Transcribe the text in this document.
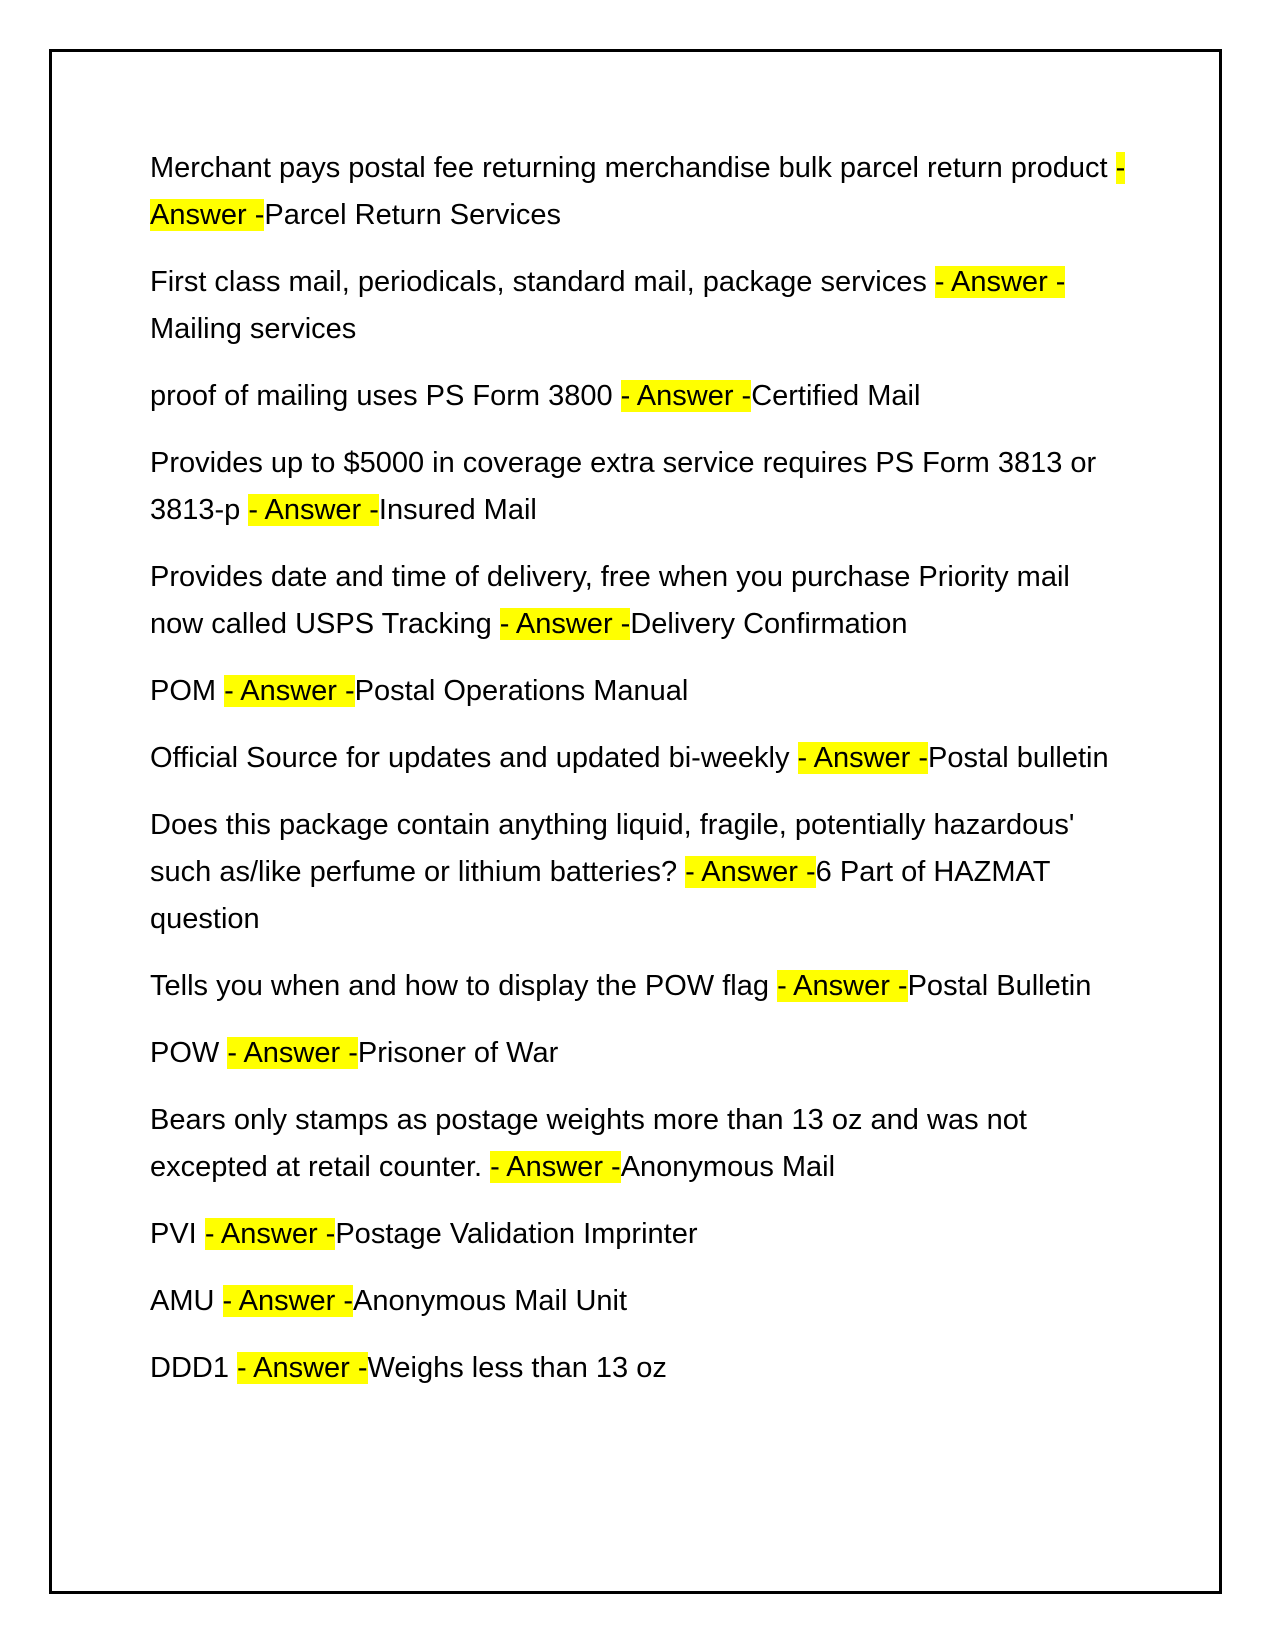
Merchant pays postal fee returning merchandise bulk parcel return product - Answer -Parcel Return Services

First class mail, periodicals, standard mail, package services - Answer -Mailing services

proof of mailing uses PS Form 3800 - Answer -Certified Mail

Provides up to $5000 in coverage extra service requires PS Form 3813 or 3813-p - Answer -Insured Mail

Provides date and time of delivery, free when you purchase Priority mail now called USPS Tracking - Answer -Delivery Confirmation

POM - Answer -Postal Operations Manual

Official Source for updates and updated bi-weekly - Answer -Postal bulletin

Does this package contain anything liquid, fragile, potentially hazardous' such as/like perfume or lithium batteries? - Answer -6 Part of HAZMAT question

Tells you when and how to display the POW flag - Answer -Postal Bulletin

POW - Answer -Prisoner of War

Bears only stamps as postage weights more than 13 oz and was not excepted at retail counter. - Answer -Anonymous Mail

PVI - Answer -Postage Validation Imprinter

AMU - Answer -Anonymous Mail Unit

DDD1 - Answer -Weighs less than 13 oz
